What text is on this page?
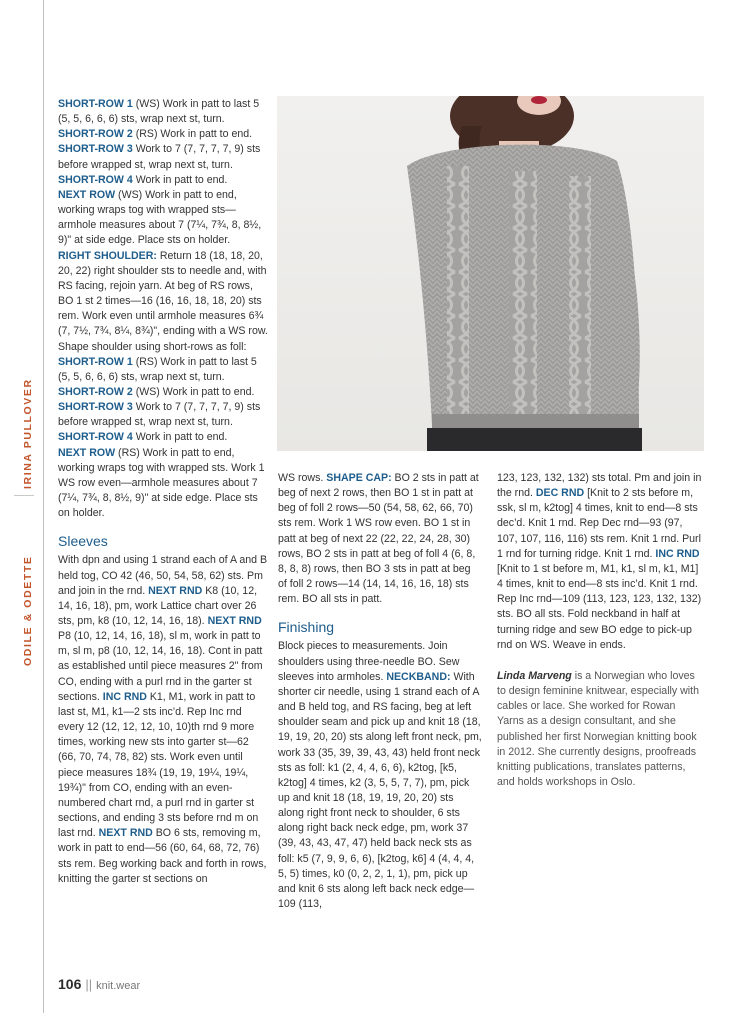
IRINA PULLOVER
ODILE & ODETTE

SHORT-ROW 1 (WS) Work in patt to last 5 (5, 5, 6, 6, 6) sts, wrap next st, turn.

SHORT-ROW 2 (RS) Work in patt to end.

SHORT-ROW 3 Work to 7 (7, 7, 7, 7, 9) sts before wrapped st, wrap next st, turn.

SHORT-ROW 4 Work in patt to end.

NEXT ROW (WS) Work in patt to end, working wraps tog with wrapped sts—armhole measures about 7 (7¼, 7¾, 8, 8½, 9)" at side edge. Place sts on holder.

RIGHT SHOULDER: Return 18 (18, 18, 20, 20, 22) right shoulder sts to needle and, with RS facing, rejoin yarn. At beg of RS rows, BO 1 st 2 times—16 (16, 16, 18, 18, 20) sts rem. Work even until armhole measures 6¾ (7, 7½, 7¾, 8¼, 8¾)", ending with a WS row. Shape shoulder using short-rows as foll:

SHORT-ROW 1 (RS) Work in patt to last 5 (5, 5, 6, 6, 6) sts, wrap next st, turn.

SHORT-ROW 2 (WS) Work in patt to end.

SHORT-ROW 3 Work to 7 (7, 7, 7, 7, 9) sts before wrapped st, wrap next st, turn.

SHORT-ROW 4 Work in patt to end.

NEXT ROW (RS) Work in patt to end, working wraps tog with wrapped sts. Work 1 WS row even—armhole measures about 7 (7¼, 7¾, 8, 8½, 9)" at side edge. Place sts on holder.

Sleeves

With dpn and using 1 strand each of A and B held tog, CO 42 (46, 50, 54, 58, 62) sts. Pm and join in the rnd. NEXT RND K8 (10, 12, 14, 16, 18), pm, work Lattice chart over 26 sts, pm, k8 (10, 12, 14, 16, 18). NEXT RND P8 (10, 12, 14, 16, 18), sl m, work in patt to m, sl m, p8 (10, 12, 14, 16, 18). Cont in patt as established until piece measures 2" from CO, ending with a purl rnd in the garter st sections. INC RND K1, M1, work in patt to last st, M1, k1—2 sts inc’d. Rep Inc rnd every 12 (12, 12, 12, 10, 10)th rnd 9 more times, working new sts into garter st—62 (66, 70, 74, 78, 82) sts. Work even until piece measures 18¾ (19, 19, 19¼, 19¼, 19¾)" from CO, ending with an even-numbered chart rnd, a purl rnd in garter st sections, and ending 3 sts before rnd m on last rnd. NEXT RND BO 6 sts, removing m, work in patt to end—56 (60, 64, 68, 72, 76) sts rem. Beg working back and forth in rows, knitting the garter st sections on

WS rows. SHAPE CAP: BO 2 sts in patt at beg of next 2 rows, then BO 1 st in patt at beg of foll 2 rows—50 (54, 58, 62, 66, 70) sts rem. Work 1 WS row even. BO 1 st in patt at beg of next 22 (22, 22, 24, 28, 30) rows, BO 2 sts in patt at beg of foll 4 (6, 8, 8, 8, 8) rows, then BO 3 sts in patt at beg of foll 2 rows—14 (14, 14, 16, 16, 18) sts rem. BO all sts in patt.

Finishing

Block pieces to measurements. Join shoulders using three-needle BO. Sew sleeves into armholes. NECKBAND: With shorter cir needle, using 1 strand each of A and B held tog, and RS facing, beg at left shoulder seam and pick up and knit 18 (18, 19, 19, 20, 20) sts along left front neck, pm, work 33 (35, 39, 39, 43, 43) held front neck sts as foll: k1 (2, 4, 4, 6, 6), k2tog, [k5, k2tog] 4 times, k2 (3, 5, 5, 7, 7), pm, pick up and knit 18 (18, 19, 19, 20, 20) sts along right front neck to shoulder, 6 sts along right back neck edge, pm, work 37 (39, 43, 43, 47, 47) held back neck sts as foll: k5 (7, 9, 9, 6, 6), [k2tog, k6] 4 (4, 4, 4, 5, 5) times, k0 (0, 2, 2, 1, 1), pm, pick up and knit 6 sts along left back neck edge—109 (113,

123, 123, 132, 132) sts total. Pm and join in the rnd. DEC RND [Knit to 2 sts before m, ssk, sl m, k2tog] 4 times, knit to end—8 sts dec’d. Knit 1 rnd. Rep Dec rnd—93 (97, 107, 107, 116, 116) sts rem. Knit 1 rnd. Purl 1 rnd for turning ridge. Knit 1 rnd. INC RND [Knit to 1 st before m, M1, k1, sl m, k1, M1] 4 times, knit to end—8 sts inc’d. Knit 1 rnd. Rep Inc rnd—109 (113, 123, 123, 132, 132) sts. BO all sts. Fold neckband in half at turning ridge and sew BO edge to pick-up rnd on WS. Weave in ends.

Linda Marveng is a Norwegian who loves to design feminine knitwear, especially with cables or lace. She worked for Rowan Yarns as a design consultant, and she published her first Norwegian knitting book in 2012. She currently designs, proofreads knitting publications, translates patterns, and holds workshops in Oslo.

106 || knit.wear
